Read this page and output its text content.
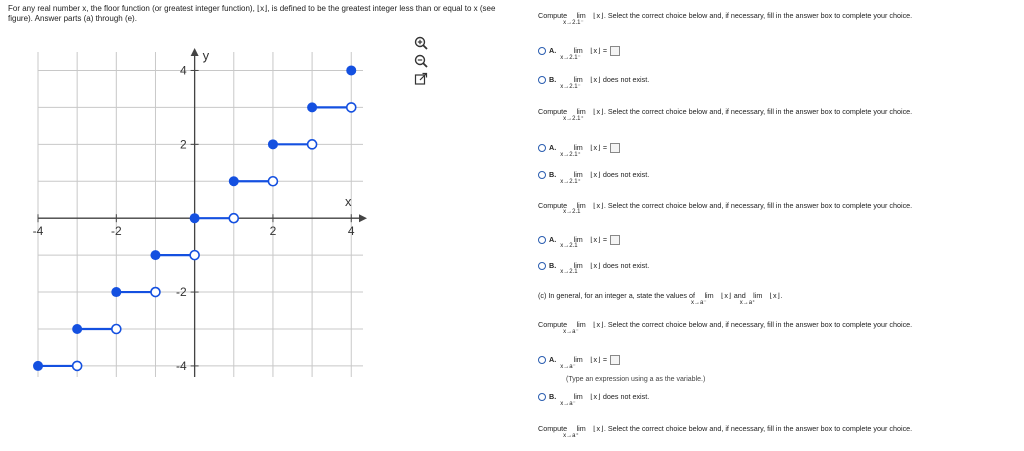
For any real number x, the floor function (or greatest integer function), ⌊x⌋, is defined to be the greatest integer less than or equal to x (see
figure). Answer parts (a) through (e).
-4	-2	2	4
4
2
-2
-4
x
y
Compute lim
x→2.1⁻
⌊x⌋. Select the correct choice below and, if necessary, fill in the answer box to complete your choice.
A. lim
x→2.1⁻
⌊x⌋ =
B. lim
x→2.1⁻
⌊x⌋ does not exist.
Compute lim
x→2.1⁺
⌊x⌋. Select the correct choice below and, if necessary, fill in the answer box to complete your choice.
A. lim
x→2.1⁺
⌊x⌋ =
B. lim
x→2.1⁺
⌊x⌋ does not exist.
Compute lim
x→2.1
⌊x⌋. Select the correct choice below and, if necessary, fill in the answer box to complete your choice.
A. lim
x→2.1
⌊x⌋ =
B. lim
x→2.1
⌊x⌋ does not exist.
(c) In general, for an integer a, state the values of lim
x→a⁻
⌊x⌋ and lim
x→a⁺
⌊x⌋.
Compute lim
x→a⁻
⌊x⌋. Select the correct choice below and, if necessary, fill in the answer box to complete your choice.
A. lim
x→a⁻
⌊x⌋ =
(Type an expression using a as the variable.)
B. lim
x→a⁻
⌊x⌋ does not exist.
Compute lim
x→a⁺
⌊x⌋. Select the correct choice below and, if necessary, fill in the answer box to complete your choice.
